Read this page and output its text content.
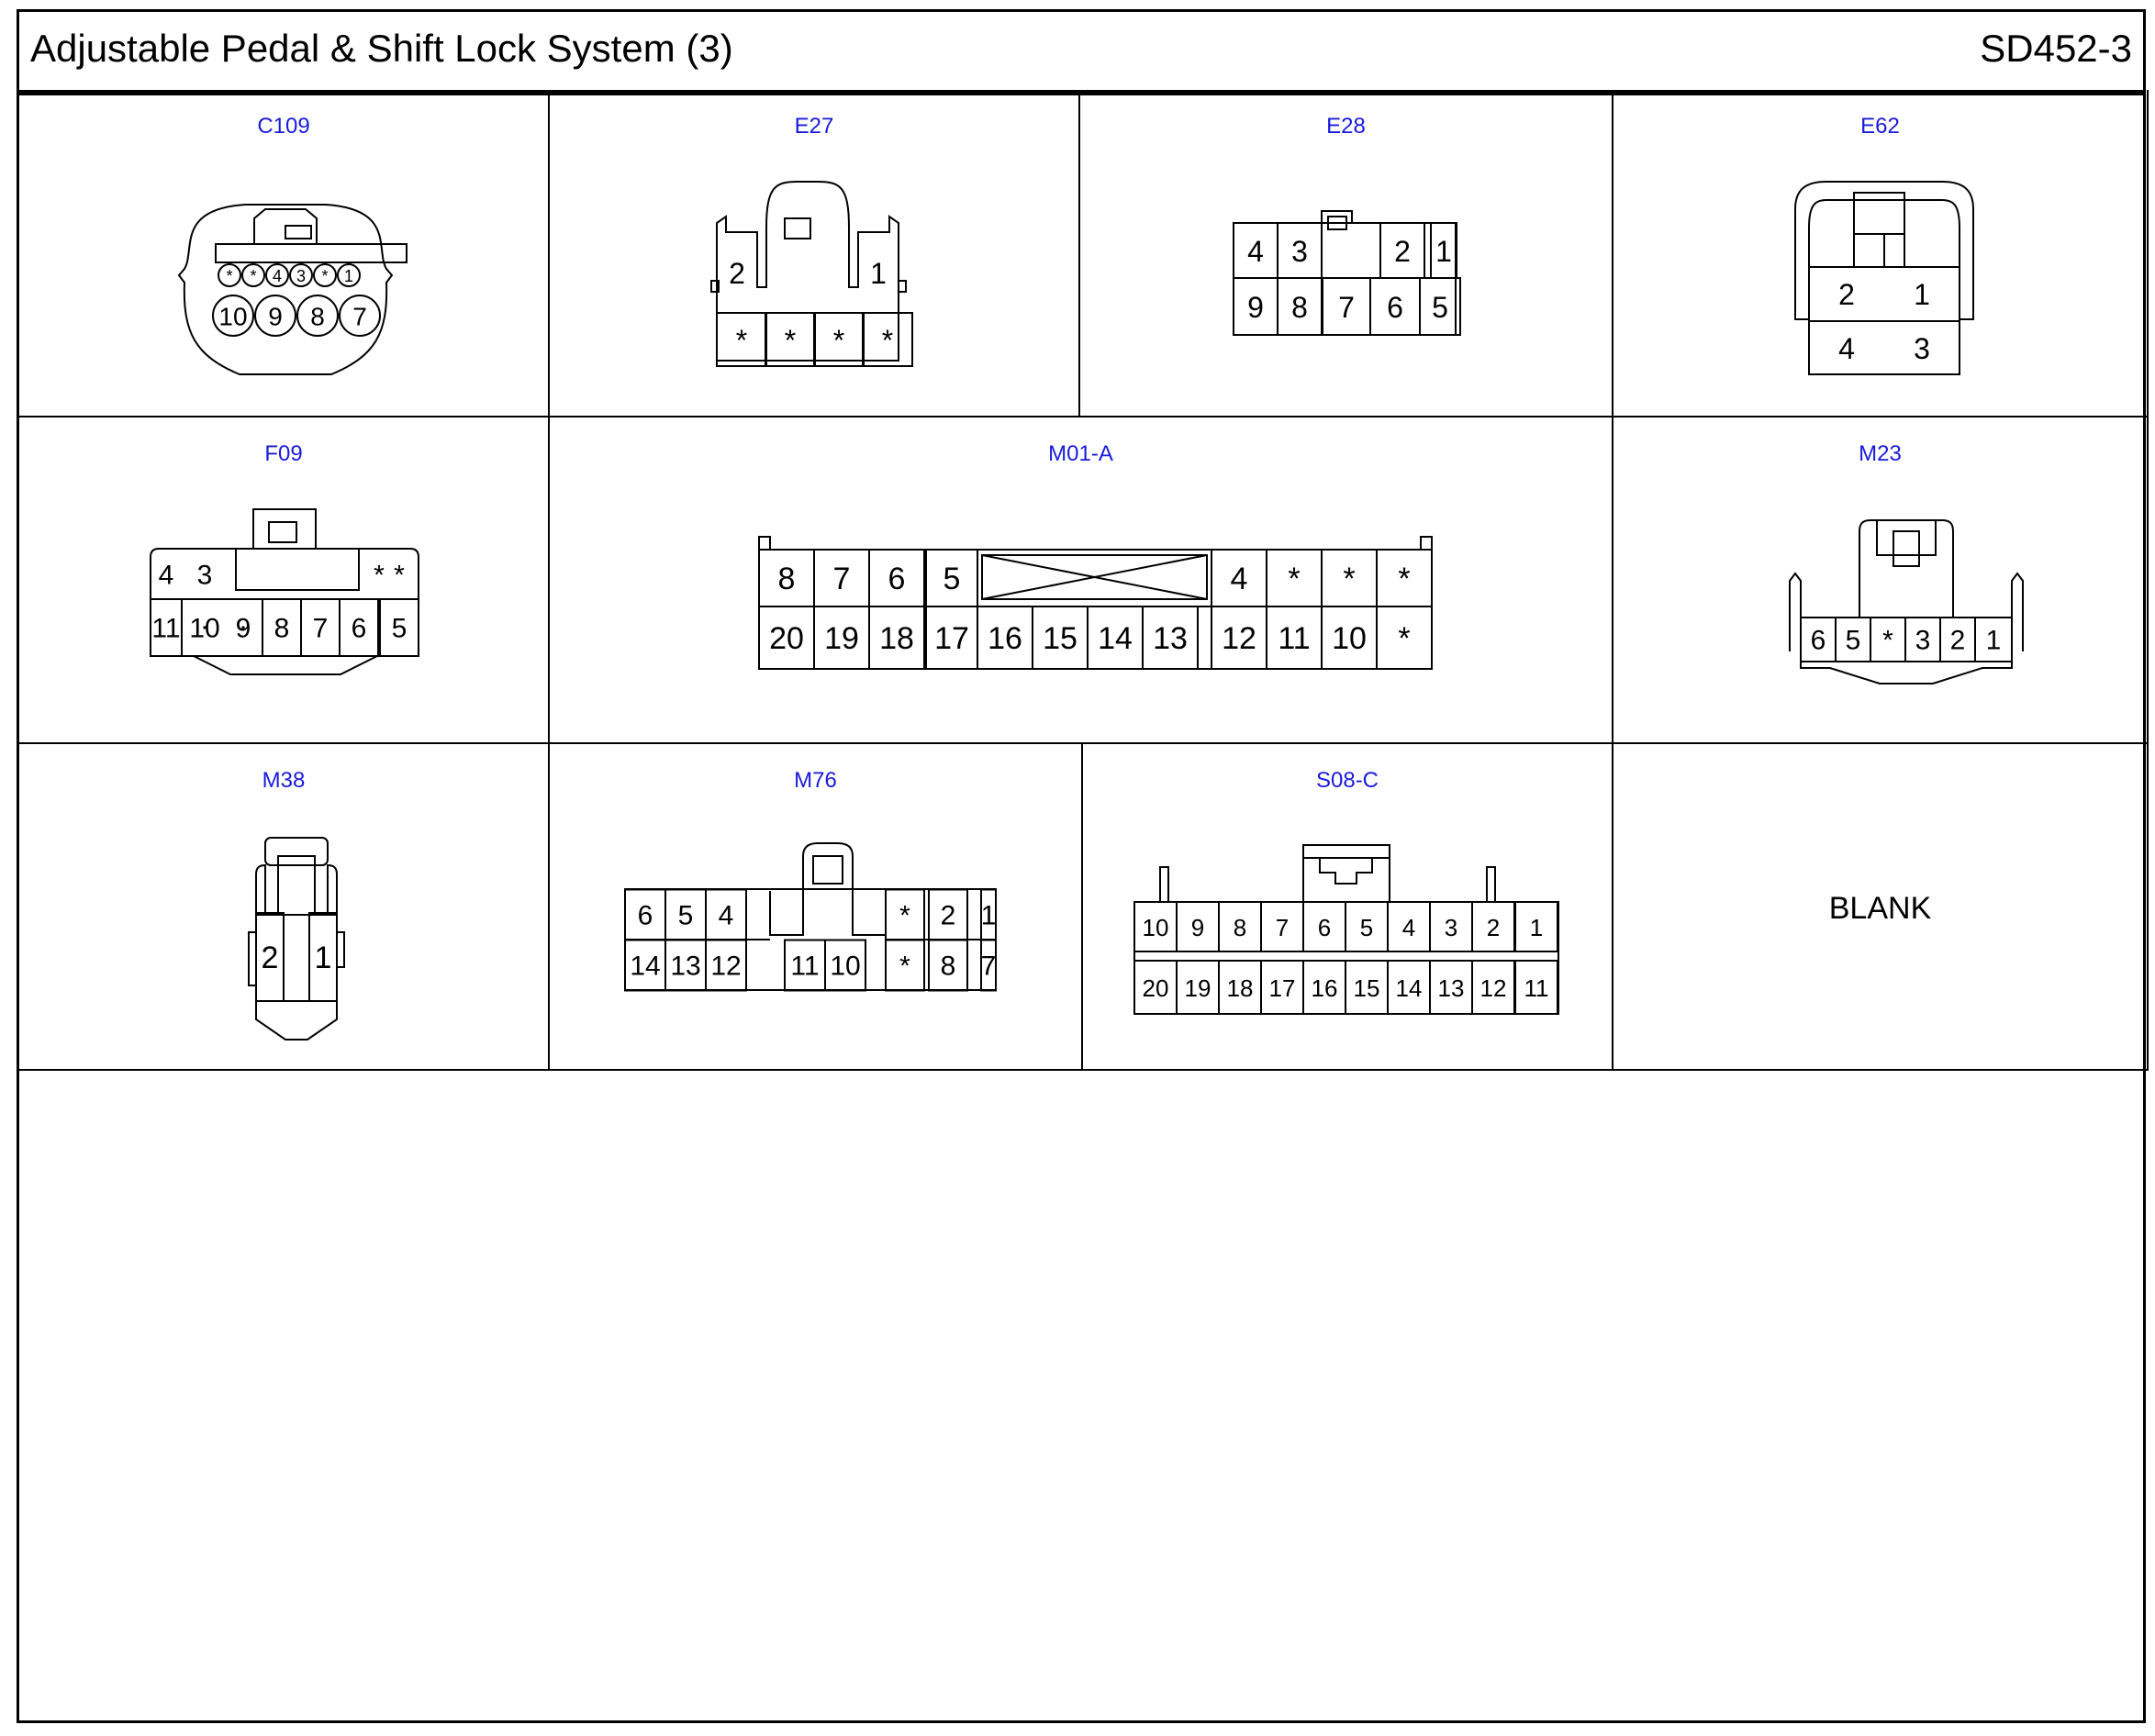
Adjustable Pedal & Shift Lock System (3)	SD452-3
C109
* * 4 3 * 1
10 9 8 7
E27
2	1
* * * *
E28
4 3	2 1
9 8 7 6 5
E62
2 1
4 3
F09
4 3	* *
11 10 9 8 7 6 5
M01-A
8 7 6 5	4 * * *
20 19 18 17 16 15 14 13 12 11 10 *
M23
6 5 * 3 2 1
M38
2 1
M76
6 5 4	* 2 1
14 13 12 11 10 * 8 7
S08-C
10 9 8 7 6 5 4 3 2 1
20 19 18 17 16 15 14 13 12 11
BLANK
